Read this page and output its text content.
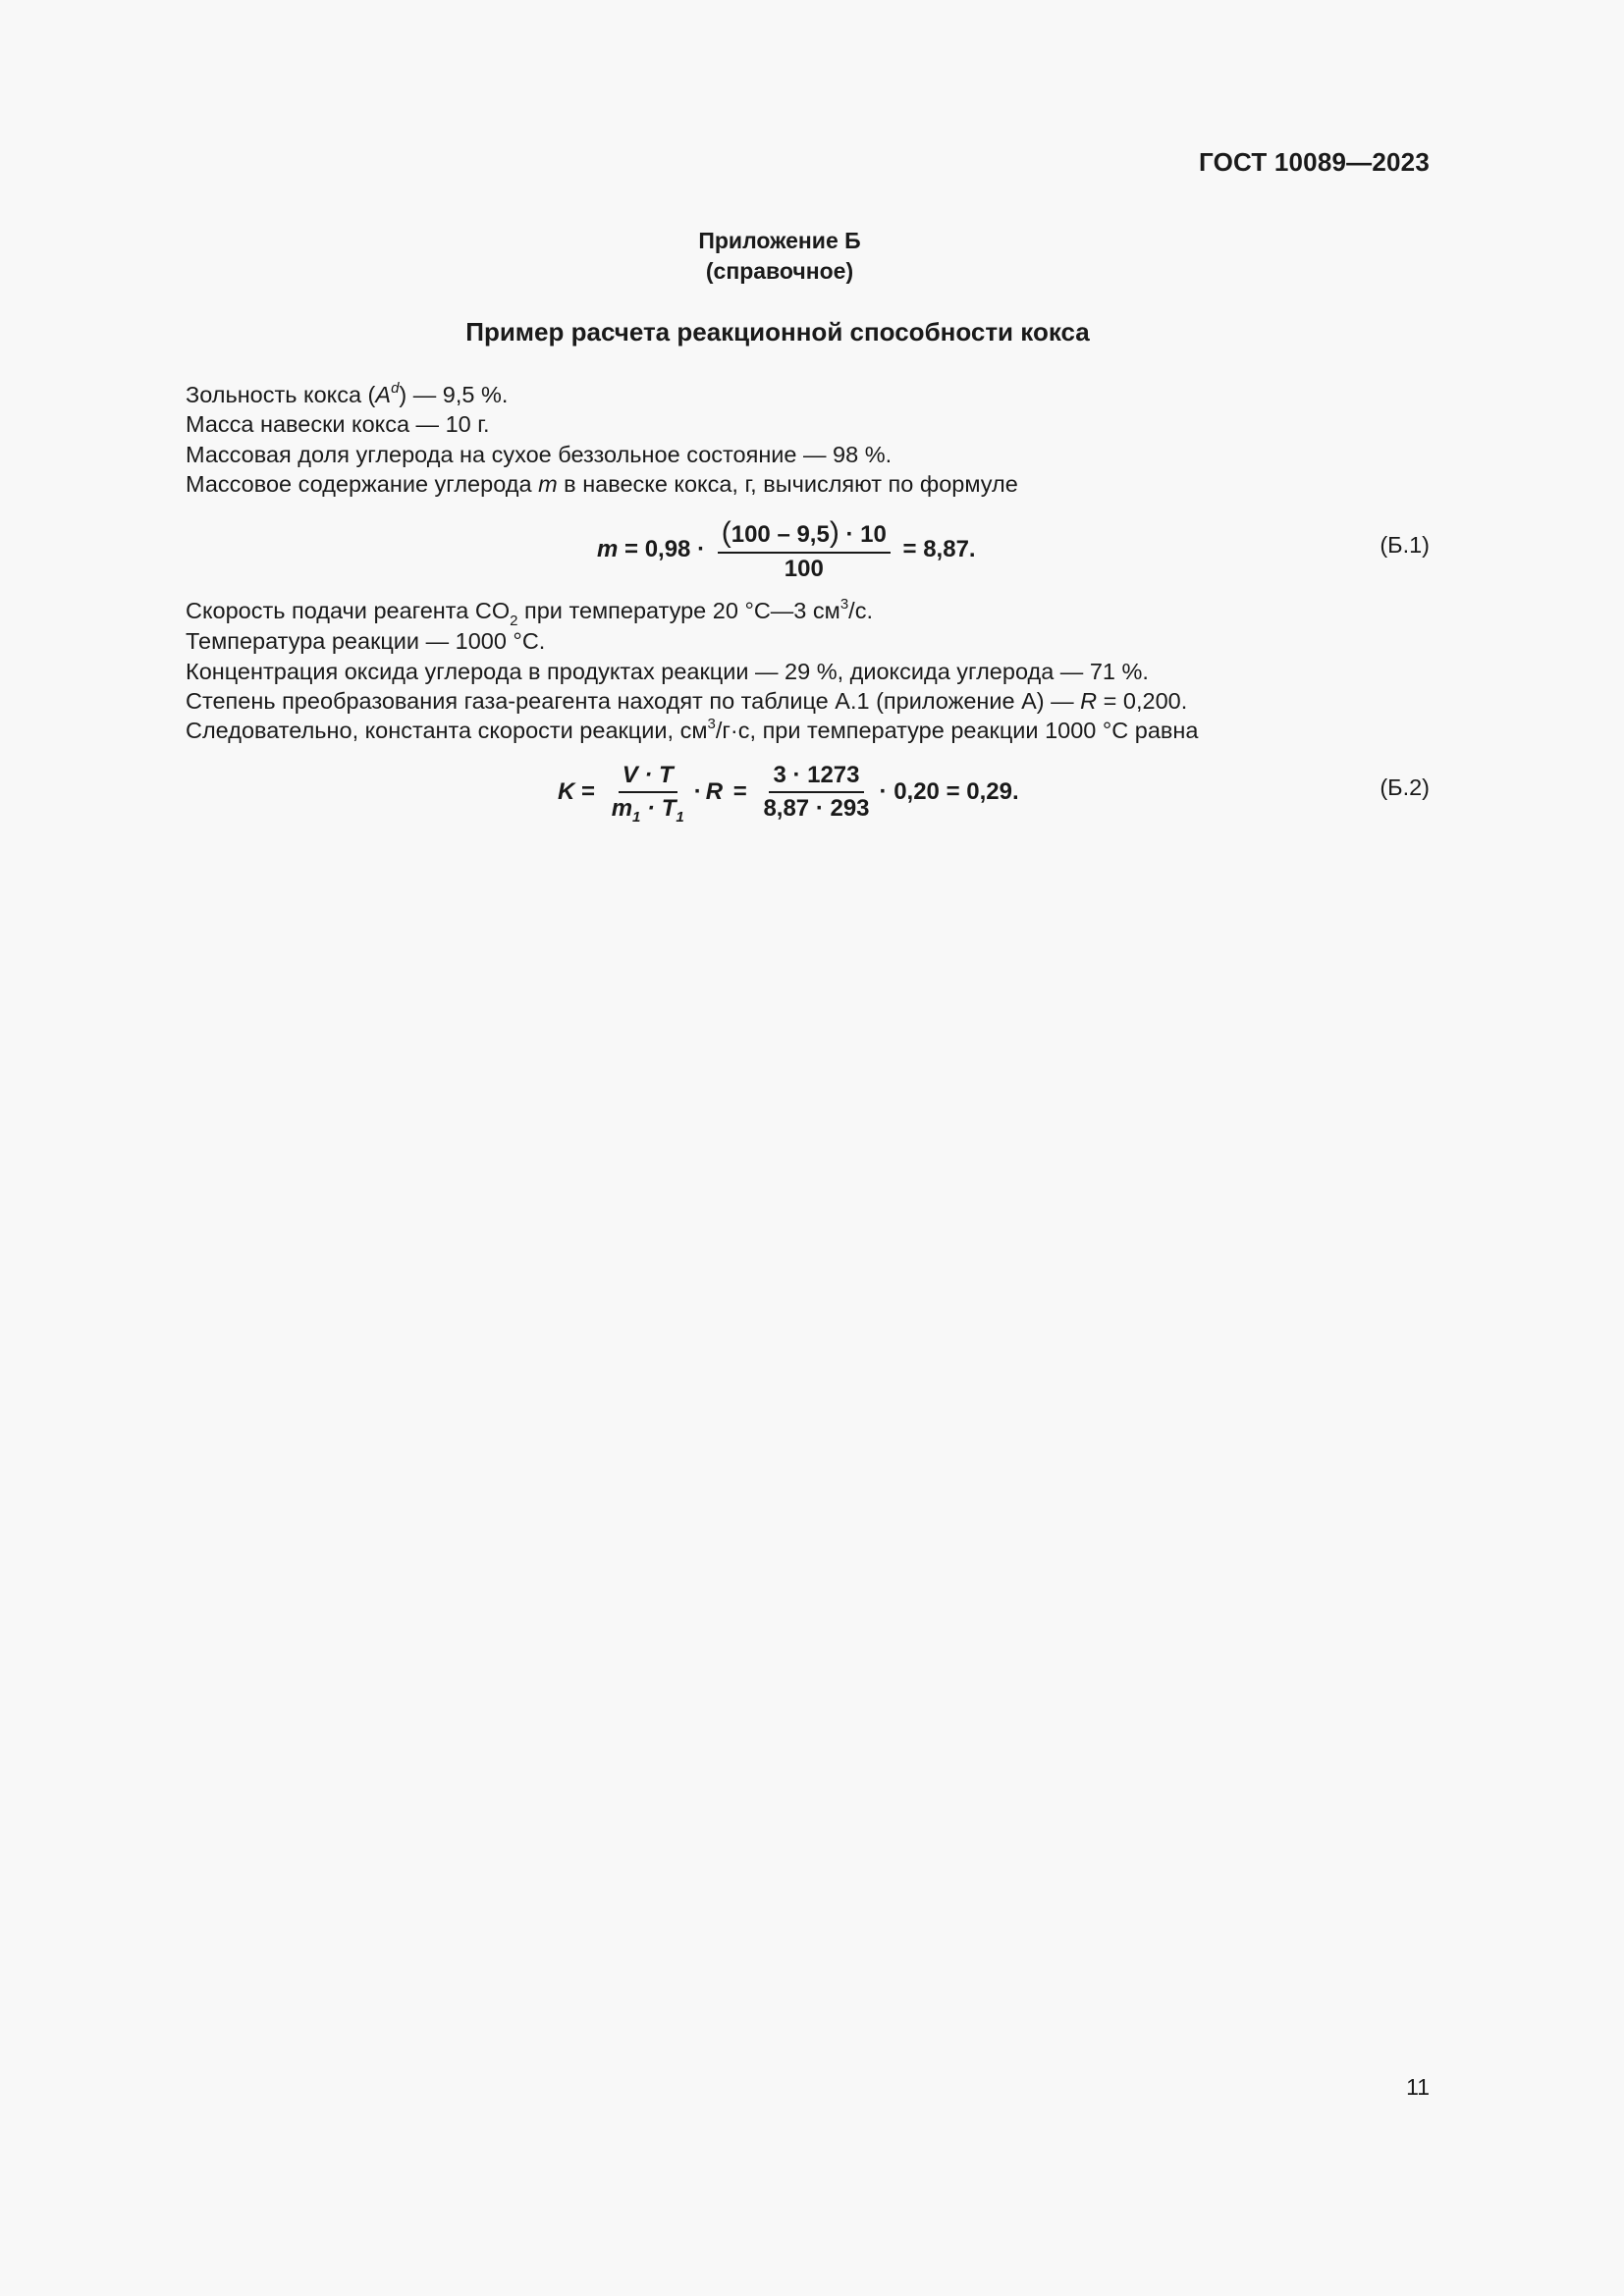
ГОСТ 10089—2023
Приложение Б
(справочное)
Пример расчета реакционной способности кокса
Зольность кокса $(A^d)$ — 9,5 %.
Масса навески кокса — 10 г.
Массовая доля углерода на сухое беззольное состояние — 98 %.
Массовое содержание углерода m в навеске кокса, г, вычисляют по формуле
$m = 0,98 \cdot \frac{(100 - 9,5) \cdot 10}{100} = 8,87$.	(Б.1)
Скорость подачи реагента $CO_2$ при температуре 20 °С—3 $см^3/с$.
Температура реакции — 1000 °С.
Концентрация оксида углерода в продуктах реакции — 29 %, диоксида углерода — 71 %.
Степень преобразования газа-реагента находят по таблице А.1 (приложение А) — R = 0,200.
Следовательно, константа скорости реакции, $см^3/г\cdot с$, при температуре реакции 1000 °С равна
$K = \frac{V \cdot T}{m_1 \cdot T_1} \cdot R = \frac{3 \cdot 1273}{8,87 \cdot 293} \cdot 0,20 = 0,29$.	(Б.2)
11
